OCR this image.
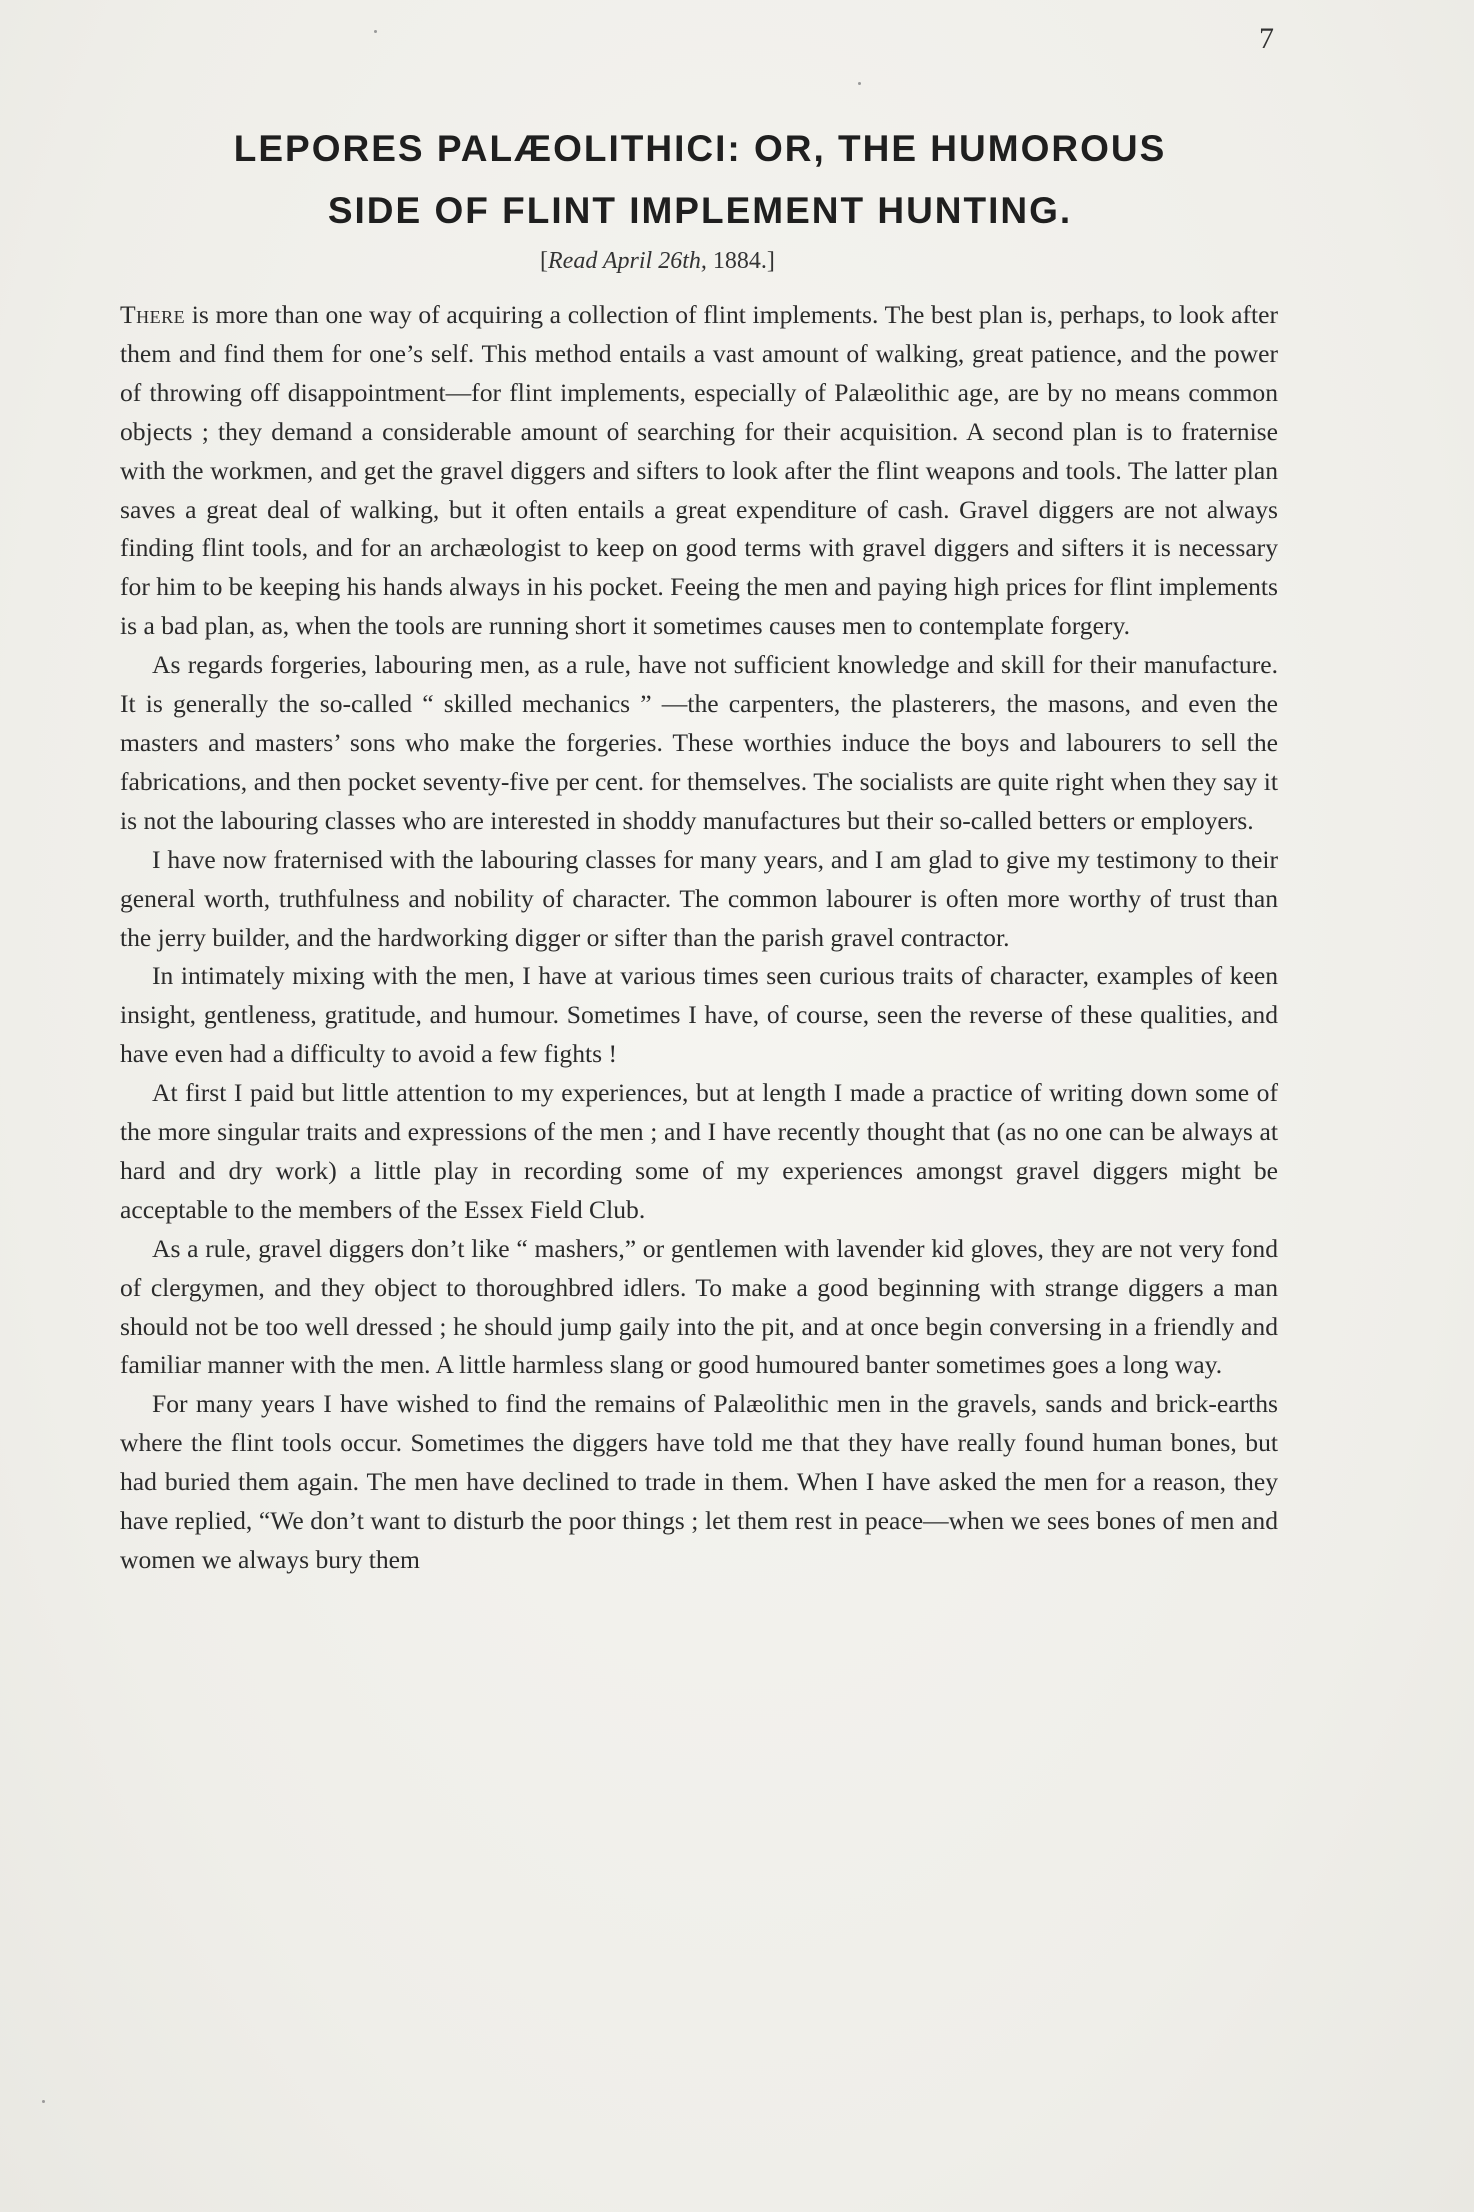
7
LEPORES PALÆOLITHICI: OR, THE HUMOROUS
SIDE OF FLINT IMPLEMENT HUNTING.
[Read April 26th, 1884.]

There is more than one way of acquiring a collection of flint implements. The best plan is, perhaps, to look after them and find them for one’s self. This method entails a vast amount of walking, great patience, and the power of throwing off disappointment—for flint implements, especially of Palæolithic age, are by no means common objects ; they demand a considerable amount of searching for their acquisition. A second plan is to fraternise with the workmen, and get the gravel diggers and sifters to look after the flint weapons and tools. The latter plan saves a great deal of walking, but it often entails a great expenditure of cash. Gravel diggers are not always finding flint tools, and for an archæologist to keep on good terms with gravel diggers and sifters it is necessary for him to be keeping his hands always in his pocket. Feeing the men and paying high prices for flint implements is a bad plan, as, when the tools are running short it sometimes causes men to contemplate forgery.

As regards forgeries, labouring men, as a rule, have not sufficient knowledge and skill for their manufacture. It is generally the so-called “ skilled mechanics ” —the carpenters, the plasterers, the masons, and even the masters and masters’ sons who make the forgeries. These worthies induce the boys and labourers to sell the fabrications, and then pocket seventy-five per cent. for themselves. The socialists are quite right when they say it is not the labouring classes who are interested in shoddy manufactures but their so-called betters or employers.

I have now fraternised with the labouring classes for many years, and I am glad to give my testimony to their general worth, truthfulness and nobility of character. The common labourer is often more worthy of trust than the jerry builder, and the hardworking digger or sifter than the parish gravel contractor.

In intimately mixing with the men, I have at various times seen curious traits of character, examples of keen insight, gentleness, gratitude, and humour. Sometimes I have, of course, seen the reverse of these qualities, and have even had a difficulty to avoid a few fights !

At first I paid but little attention to my experiences, but at length I made a practice of writing down some of the more singular traits and expressions of the men ; and I have recently thought that (as no one can be always at hard and dry work) a little play in recording some of my experiences amongst gravel diggers might be acceptable to the members of the Essex Field Club.

As a rule, gravel diggers don’t like “ mashers,” or gentlemen with lavender kid gloves, they are not very fond of clergymen, and they object to thoroughbred idlers. To make a good beginning with strange diggers a man should not be too well dressed ; he should jump gaily into the pit, and at once begin conversing in a friendly and familiar manner with the men. A little harmless slang or good humoured banter sometimes goes a long way.

For many years I have wished to find the remains of Palæolithic men in the gravels, sands and brick-earths where the flint tools occur. Sometimes the diggers have told me that they have really found human bones, but had buried them again. The men have declined to trade in them. When I have asked the men for a reason, they have replied, “We don’t want to disturb the poor things ; let them rest in peace—when we sees bones of men and women we always bury them
